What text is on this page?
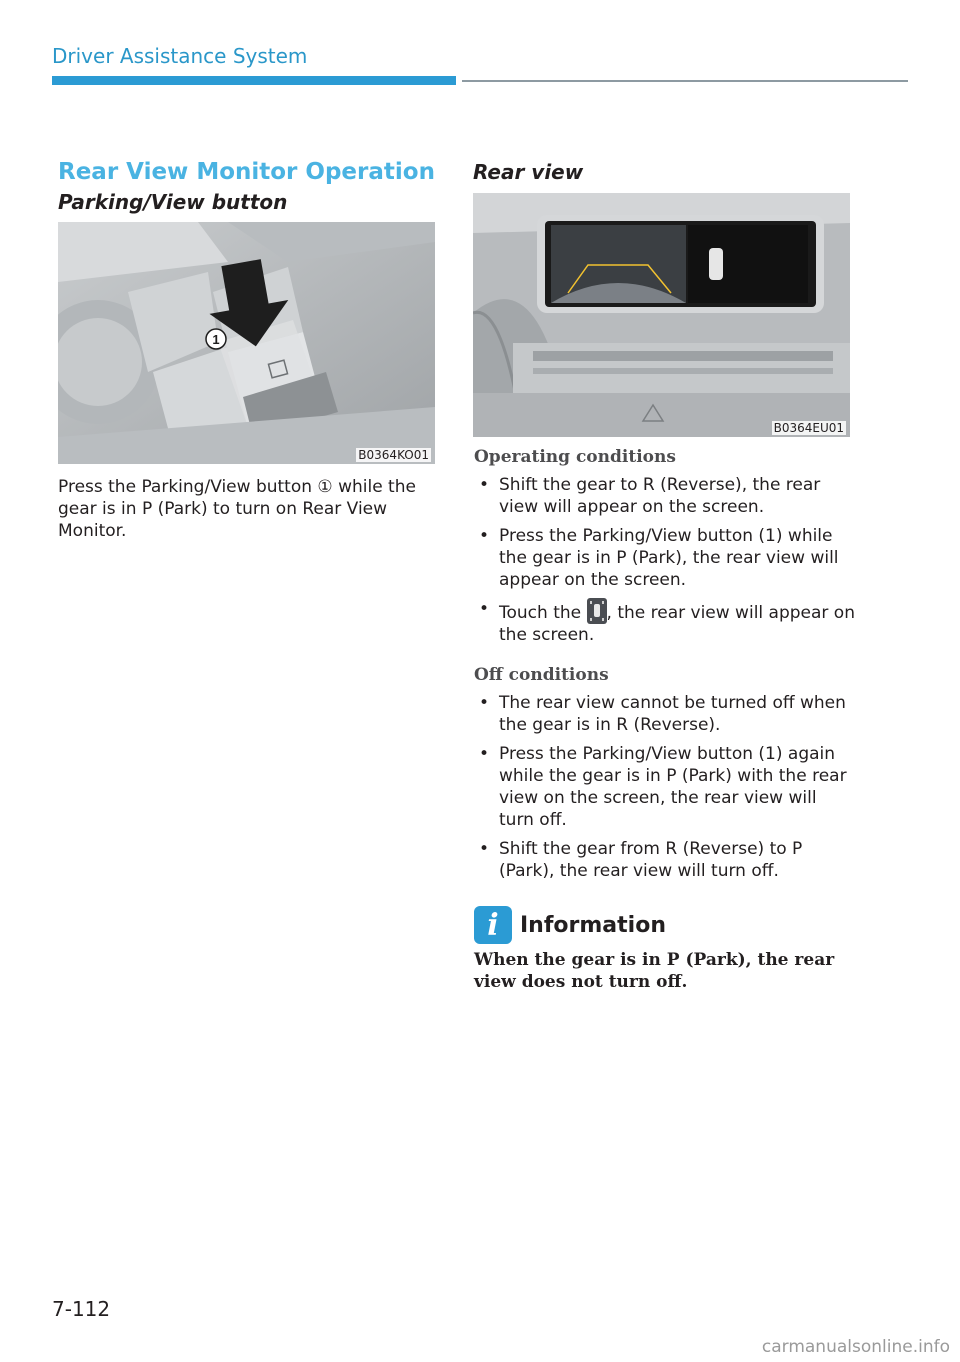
Driver Assistance System
Rear View Monitor Operation
Parking/View button
1
B0364KO01
Press the Parking/View button ① while the gear is in P (Park) to turn on Rear View Monitor.
Rear view
B0364EU01
Operating conditions
• Shift the gear to R (Reverse), the rear view will appear on the screen.
• Press the Parking/View button (1) while the gear is in P (Park), the rear view will appear on the screen.
• Touch the , the rear view will appear on the screen.
Off conditions
• The rear view cannot be turned off when the gear is in R (Reverse).
• Press the Parking/View button (1) again while the gear is in P (Park) with the rear view on the screen, the rear view will turn off.
• Shift the gear from R (Reverse) to P (Park), the rear view will turn off.
i Information
When the gear is in P (Park), the rear view does not turn off.
7-112
carmanualsonline.info
